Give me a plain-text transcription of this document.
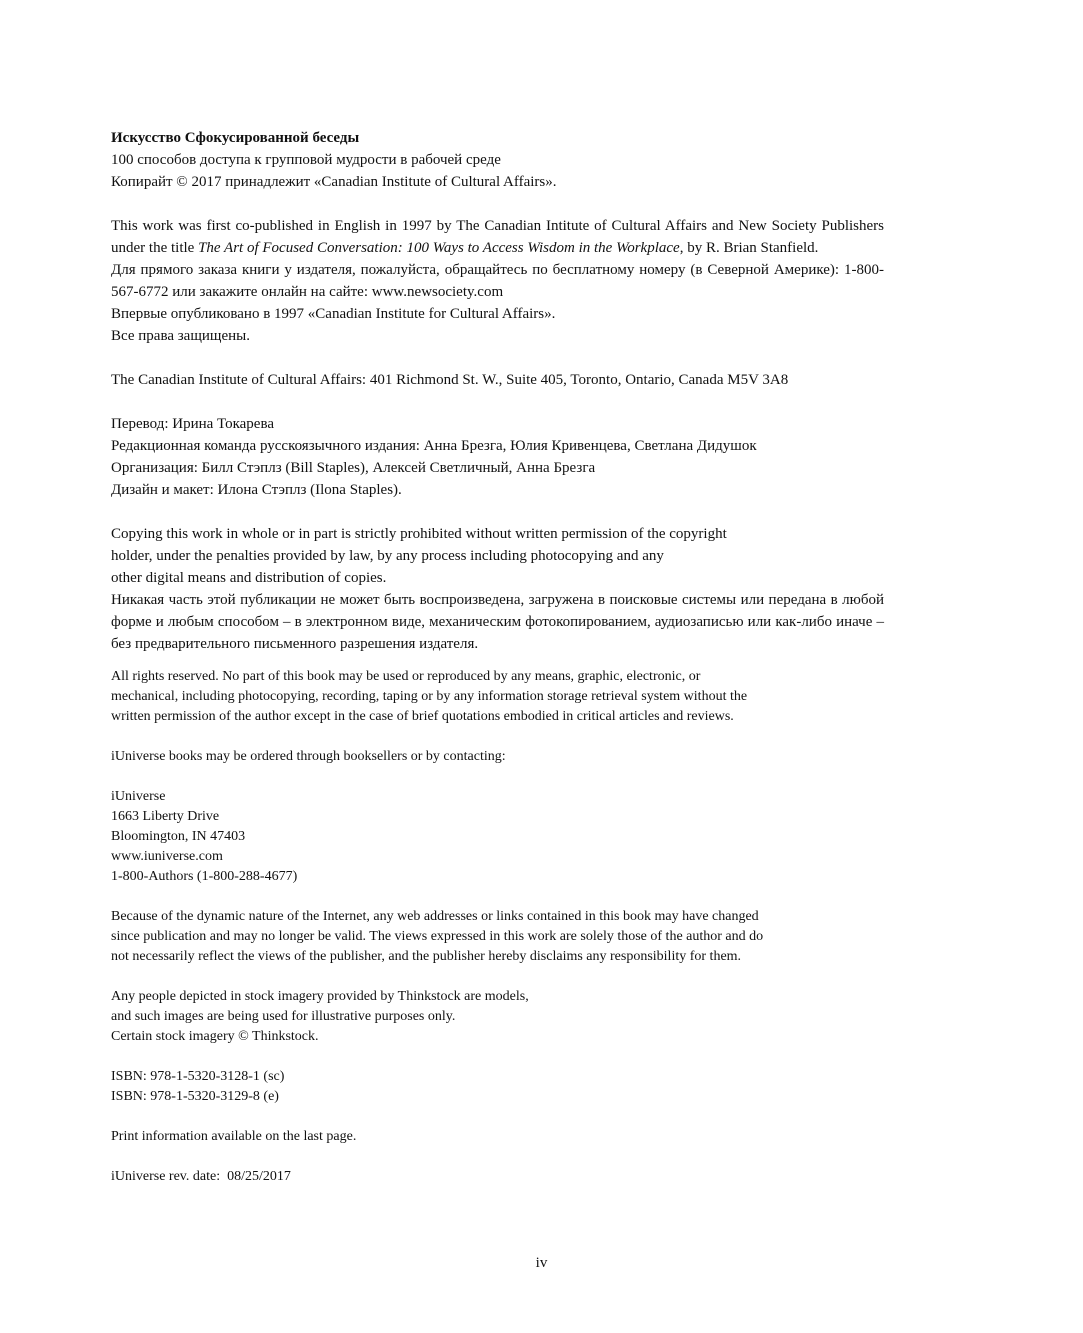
Искусство Сфокусированной беседы

100 способов доступа к групповой мудрости в рабочей среде

Копирайт © 2017 принадлежит «Canadian Institute of Cultural Affairs».

This work was first co-published in English in 1997 by The Canadian Intitute of Cultural Affairs and New Society Publishers under the title The Art of Focused Conversation: 100 Ways to Access Wisdom in the Workplace, by R. Brian Stanfield.

Для прямого заказа книги у издателя, пожалуйста, обращайтесь по бесплатному номеру (в Северной Америке): 1-800-567-6772 или закажите онлайн на сайте: www.newsociety.com

Впервые опубликовано в 1997 «Canadian Institute for Cultural Affairs».

Все права защищены.

The Canadian Institute of Cultural Affairs: 401 Richmond St. W., Suite 405, Toronto, Ontario, Canada M5V 3A8

Перевод: Ирина Токарева

Редакционная команда русскоязычного издания: Анна Брезга, Юлия Кривенцева, Светлана Дидушок

Организация: Билл Стэплз (Bill Staples), Алексей Светличный, Анна Брезга

Дизайн и макет: Илона Стэплз (Ilona Staples).

Copying this work in whole or in part is strictly prohibited without written permission of the copyright

holder, under the penalties provided by law, by any process including photocopying and any

other digital means and distribution of copies.

Никакая часть этой публикации не может быть воспроизведена, загружена в поисковые системы или передана в любой форме и любым способом – в электронном виде, механическим фотокопированием, аудиозаписью или как-либо иначе – без предварительного письменного разрешения издателя.

All rights reserved. No part of this book may be used or reproduced by any means, graphic, electronic, or

mechanical, including photocopying, recording, taping or by any information storage retrieval system without the

written permission of the author except in the case of brief quotations embodied in critical articles and reviews.

iUniverse books may be ordered through booksellers or by contacting:

iUniverse

1663 Liberty Drive

Bloomington, IN 47403

www.iuniverse.com

1-800-Authors (1-800-288-4677)

Because of the dynamic nature of the Internet, any web addresses or links contained in this book may have changed

since publication and may no longer be valid. The views expressed in this work are solely those of the author and do

not necessarily reflect the views of the publisher, and the publisher hereby disclaims any responsibility for them.

Any people depicted in stock imagery provided by Thinkstock are models,

and such images are being used for illustrative purposes only.

Certain stock imagery © Thinkstock.

ISBN: 978-1-5320-3128-1 (sc)

ISBN: 978-1-5320-3129-8 (e)

Print information available on the last page.

iUniverse rev. date:  08/25/2017

iv
